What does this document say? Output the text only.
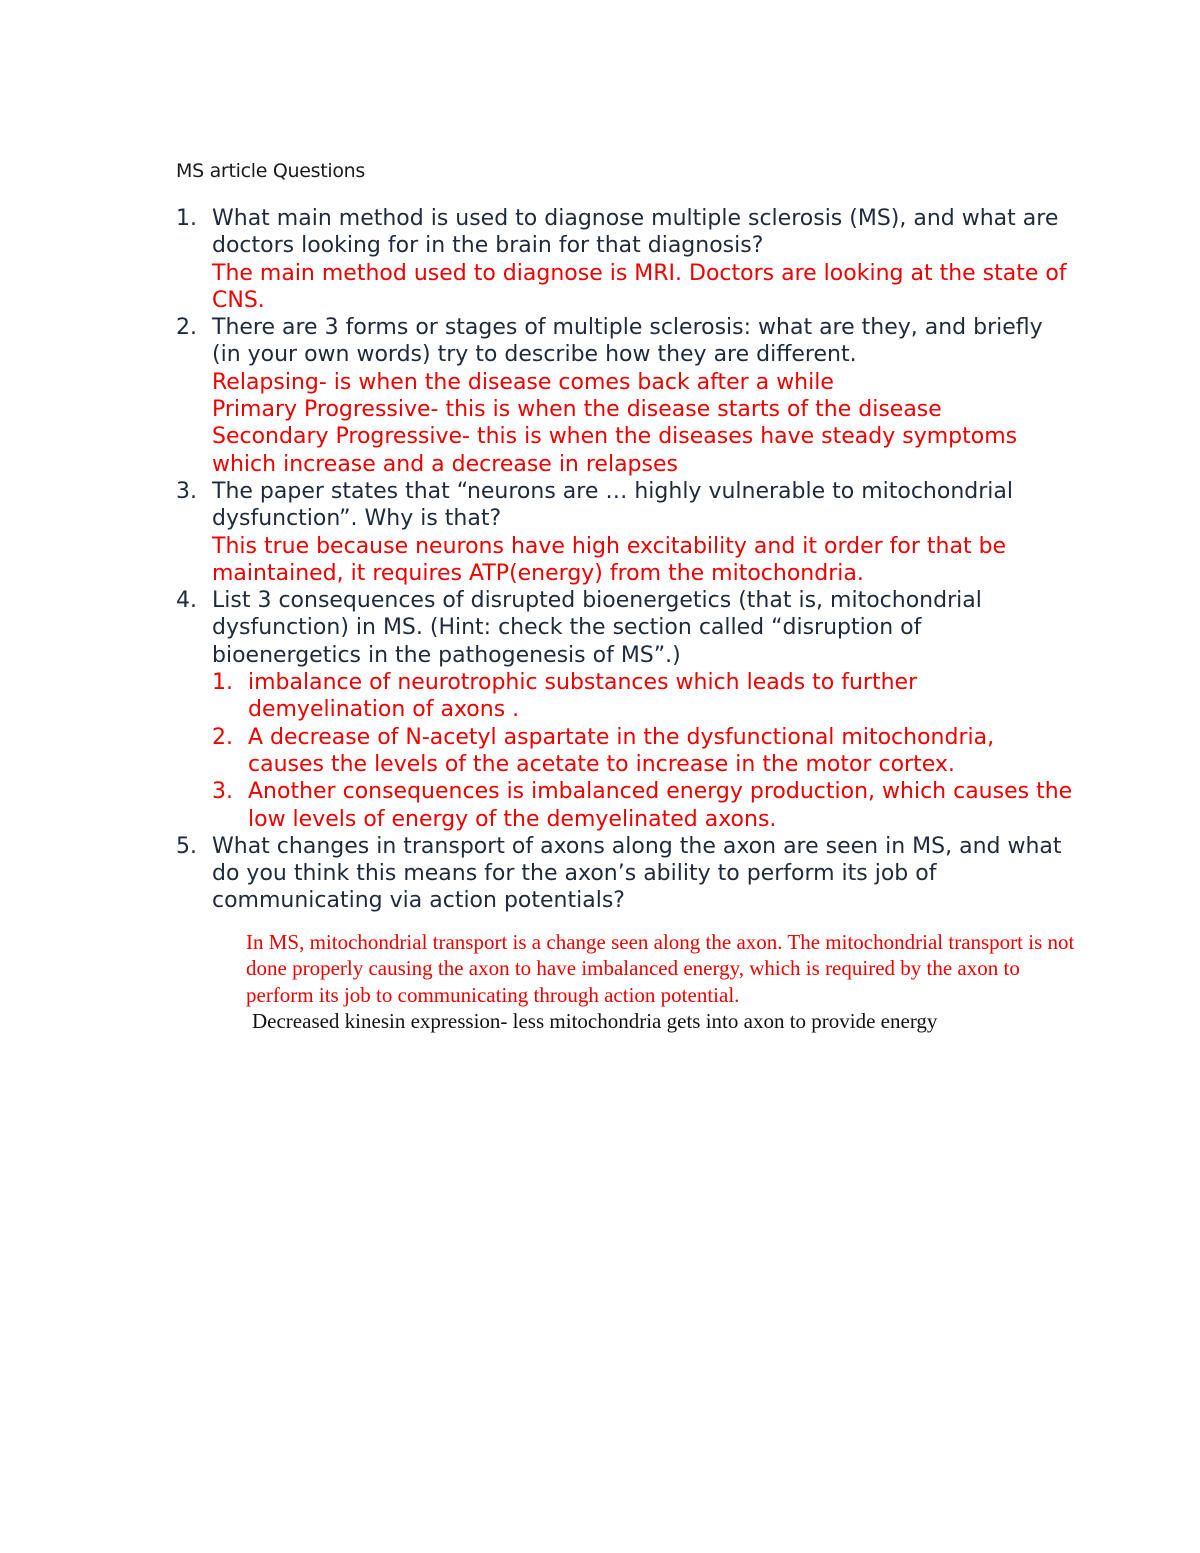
MS article Questions
1. What main method is used to diagnose multiple sclerosis (MS), and what are doctors looking for in the brain for that diagnosis?
The main method used to diagnose is MRI. Doctors are looking at the state of CNS.
2. There are 3 forms or stages of multiple sclerosis: what are they, and briefly (in your own words) try to describe how they are different.
Relapsing- is when the disease comes back after a while
Primary Progressive- this is when the disease starts of the disease
Secondary Progressive- this is when the diseases have steady symptoms which increase and a decrease in relapses
3. The paper states that “neurons are … highly vulnerable to mitochondrial dysfunction”. Why is that?
This true because neurons have high excitability and it order for that be maintained, it requires ATP(energy) from the mitochondria.
4. List 3 consequences of disrupted bioenergetics (that is, mitochondrial dysfunction) in MS. (Hint: check the section called “disruption of bioenergetics in the pathogenesis of MS”.)
1. imbalance of neurotrophic substances which leads to further demyelination of axons .
2. A decrease of N-acetyl aspartate in the dysfunctional mitochondria, causes the levels of the acetate to increase in the motor cortex.
3. Another consequences is imbalanced energy production, which causes the low levels of energy of the demyelinated axons.
5. What changes in transport of axons along the axon are seen in MS, and what do you think this means for the axon’s ability to perform its job of communicating via action potentials?
In MS, mitochondrial transport is a change seen along the axon. The mitochondrial transport is not done properly causing the axon to have imbalanced energy, which is required by the axon to perform its job to communicating through action potential.
Decreased kinesin expression- less mitochondria gets into axon to provide energy
